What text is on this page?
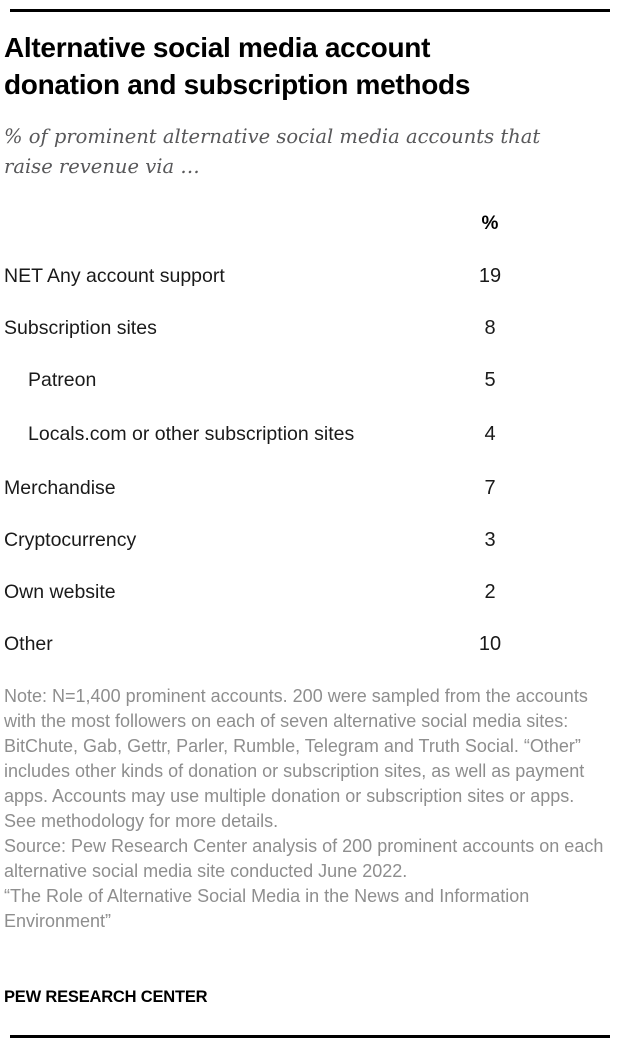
Alternative social media account donation and subscription methods
% of prominent alternative social media accounts that raise revenue via …
%
NET Any account support	19
Subscription sites	8
Patreon	5
Locals.com or other subscription sites	4
Merchandise	7
Cryptocurrency	3
Own website	2
Other	10

Note: N=1,400 prominent accounts. 200 were sampled from the accounts with the most followers on each of seven alternative social media sites: BitChute, Gab, Gettr, Parler, Rumble, Telegram and Truth Social. “Other” includes other kinds of donation or subscription sites, as well as payment apps. Accounts may use multiple donation or subscription sites or apps. See methodology for more details.

Source: Pew Research Center analysis of 200 prominent accounts on each alternative social media site conducted June 2022.

“The Role of Alternative Social Media in the News and Information Environment”

PEW RESEARCH CENTER
